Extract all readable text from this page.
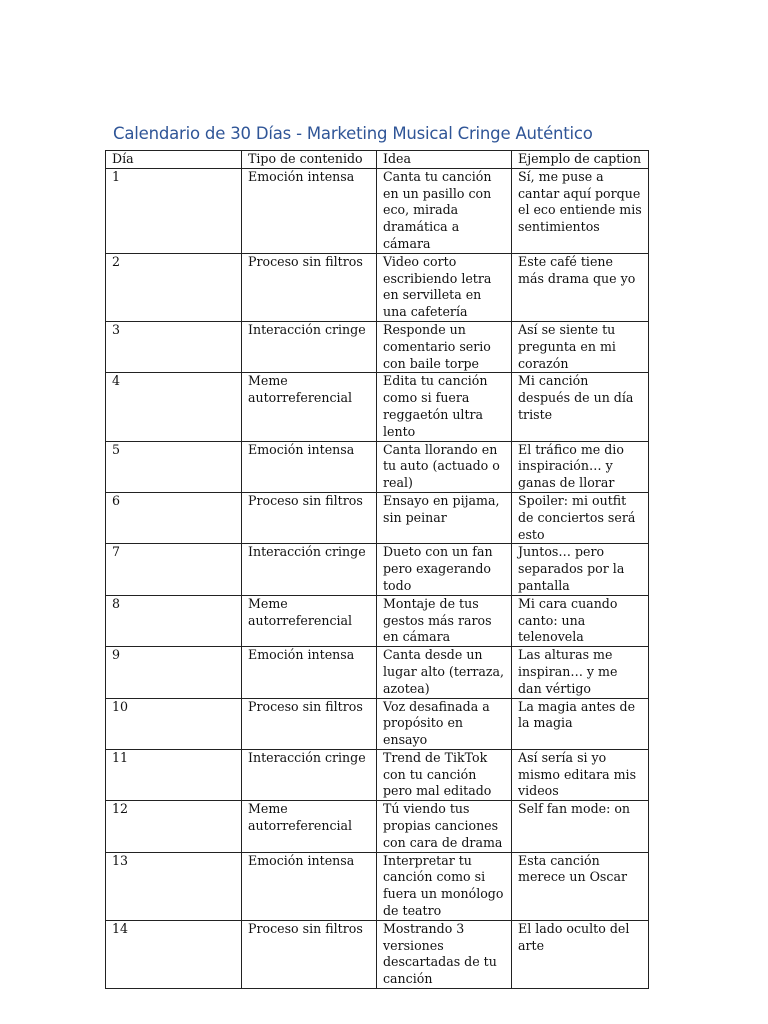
Calendario de 30 Días - Marketing Musical Cringe Auténtico
Día	Tipo de contenido	Idea	Ejemplo de caption
1	Emoción intensa	Canta tu canción en un pasillo con eco, mirada dramática a cámara	Sí, me puse a cantar aquí porque el eco entiende mis sentimientos
2	Proceso sin filtros	Video corto escribiendo letra en servilleta en una cafetería	Este café tiene más drama que yo
3	Interacción cringe	Responde un comentario serio con baile torpe	Así se siente tu pregunta en mi corazón
4	Meme autorreferencial	Edita tu canción como si fuera reggaetón ultra lento	Mi canción después de un día triste
5	Emoción intensa	Canta llorando en tu auto (actuado o real)	El tráfico me dio inspiración… y ganas de llorar
6	Proceso sin filtros	Ensayo en pijama, sin peinar	Spoiler: mi outfit de conciertos será esto
7	Interacción cringe	Dueto con un fan pero exagerando todo	Juntos… pero separados por la pantalla
8	Meme autorreferencial	Montaje de tus gestos más raros en cámara	Mi cara cuando canto: una telenovela
9	Emoción intensa	Canta desde un lugar alto (terraza, azotea)	Las alturas me inspiran… y me dan vértigo
10	Proceso sin filtros	Voz desafinada a propósito en ensayo	La magia antes de la magia
11	Interacción cringe	Trend de TikTok con tu canción pero mal editado	Así sería si yo mismo editara mis videos
12	Meme autorreferencial	Tú viendo tus propias canciones con cara de drama	Self fan mode: on
13	Emoción intensa	Interpretar tu canción como si fuera un monólogo de teatro	Esta canción merece un Oscar
14	Proceso sin filtros	Mostrando 3 versiones descartadas de tu canción	El lado oculto del arte
